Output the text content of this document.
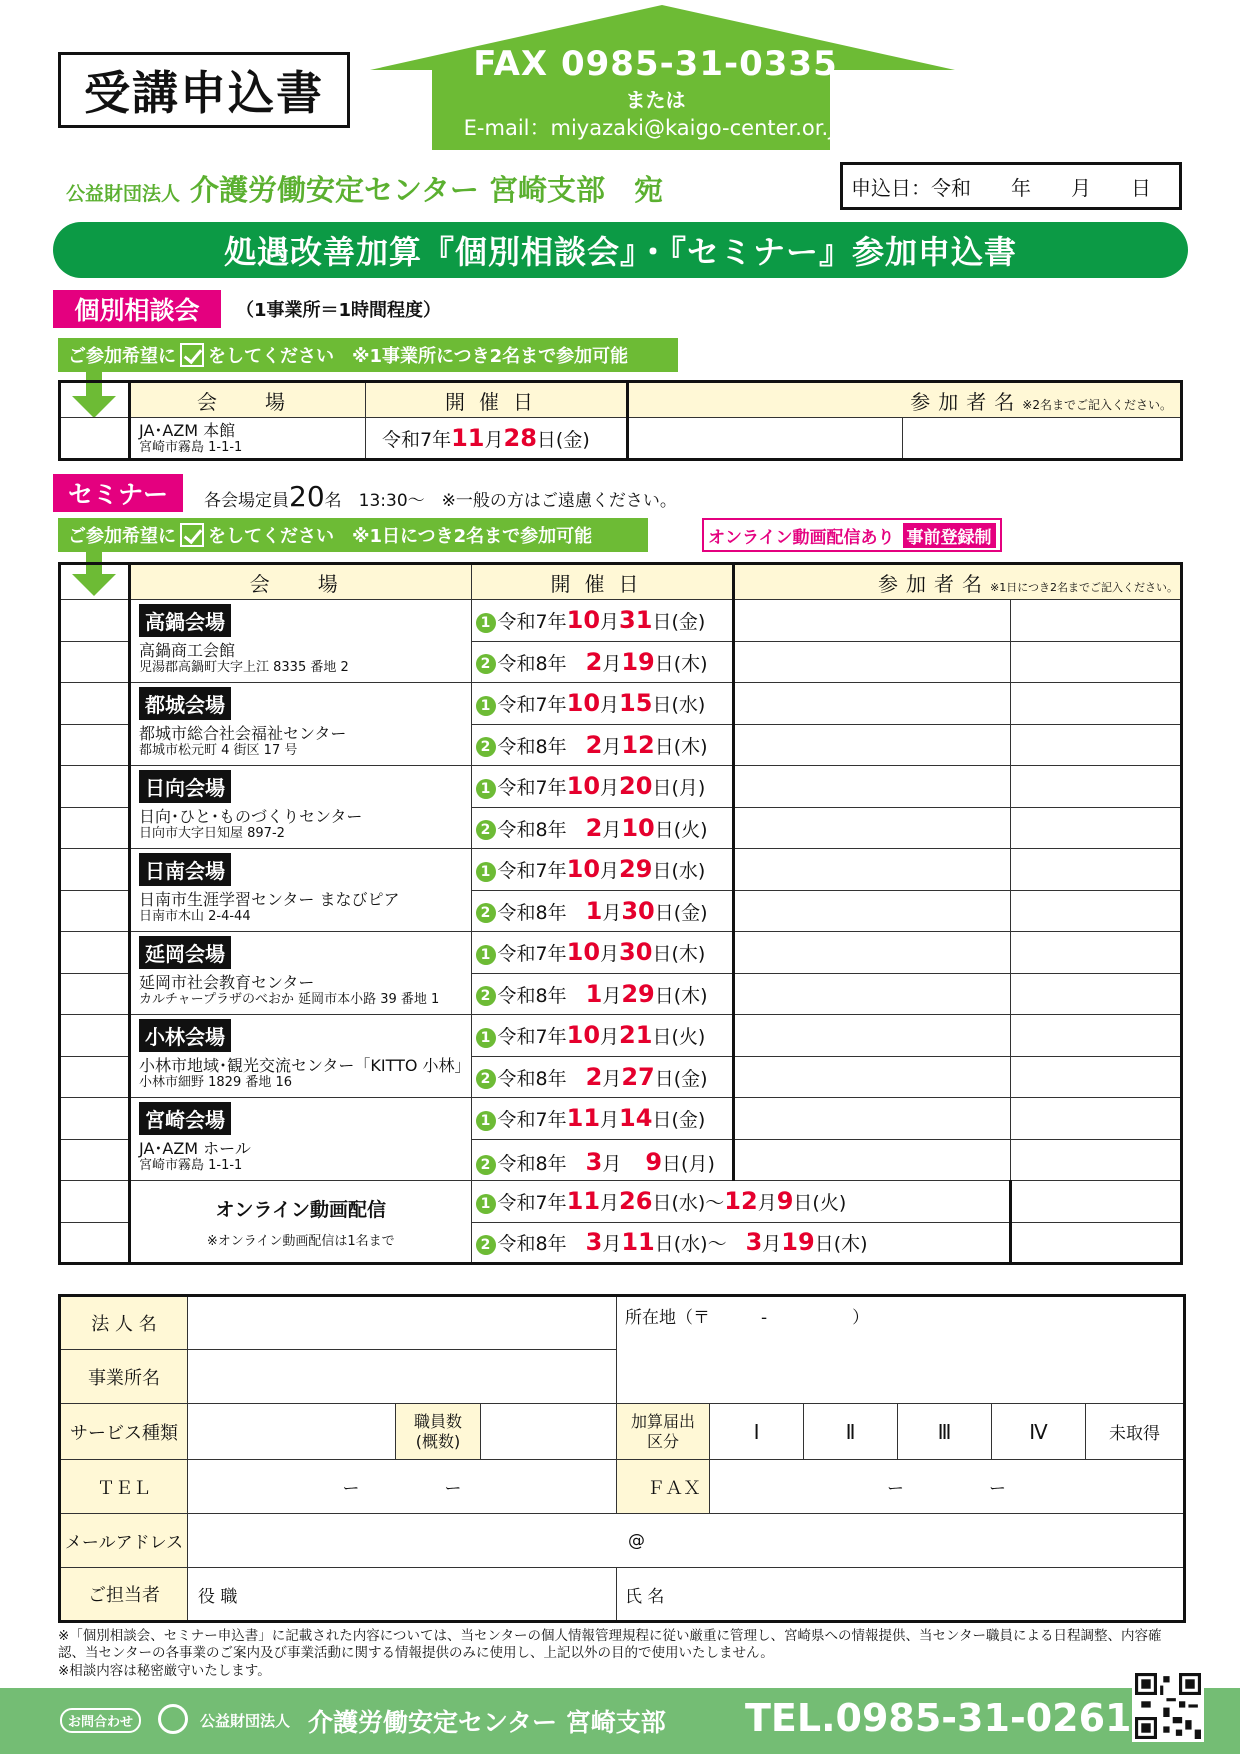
受講申込書
FAX 0985-31-0335
または
E-mail：miyazaki@kaigo-center.or.jp
公益財団法人 介護労働安定センター 宮崎支部　宛	申込日：令和　　年　　月　　日
処遇改善加算『個別相談会』・『セミナー』参加申込書
個別相談会	（1事業所＝1時間程度）
ご参加希望に をしてください　※1事業所につき2名まで参加可能
	会　場	開催日	参加者名※2名までご記入ください。	

	JA･AZM 本館
宮崎市霧島 1-1-1	令和7年11月28日(金)		
セミナー	各会場定員20名　13:30〜　※一般の方はご遠慮ください。
ご参加希望に をしてください　※1日につき2名まで参加可能	オンライン動画配信あり 事前登録制
	会　場	開催日	参加者名※1日につき2名までご記入ください。	
	高鍋会場
高鍋商工会館
児湯郡高鍋町大字上江 8335 番地 2	1 令和7年10月31日(金)		
		2 令和8年　2月19日(木)		
	都城会場
都城市総合社会福祉センター
都城市松元町 4 街区 17 号	1 令和7年10月15日(水)		
		2 令和8年　2月12日(木)		
	日向会場
日向･ひと･ものづくりセンター
日向市大字日知屋 897-2	1 令和7年10月20日(月)		
		2 令和8年　2月10日(火)		
	日南会場
日南市生涯学習センター まなびピア
日南市木山 2-4-44	1 令和7年10月29日(水)		
		2 令和8年　1月30日(金)		
	延岡会場
延岡市社会教育センター
カルチャープラザのべおか 延岡市本小路 39 番地 1	1 令和7年10月30日(木)		
		2 令和8年　1月29日(木)		
	小林会場
小林市地域･観光交流センター「KITTO 小林」
小林市細野 1829 番地 16	1 令和7年10月21日(火)		
		2 令和8年　2月27日(金)		
	宮崎会場
JA･AZM ホール
宮崎市霧島 1-1-1	1 令和7年11月14日(金)		
		2 令和8年　3月　9日(月)		

	オンライン動画配信
※オンライン動画配信は1名まで	1 令和7年11月26日(水)〜12月9日(火)		
		2 令和8年　3月11日(水)〜　3月19日(木)		
法 人 名				所在地（〒　　　-　　　　　）					
事業所名									
サービス種類		職員数
(概数)		加算届出
区分	Ⅰ	Ⅱ	Ⅲ	Ⅳ	未取得
ＴＥＬ	ー　　　　　ー			ＦＡＸ	ー　　　　　ー				
メールアドレス	@								
ご担当者	役 職			氏 名					
※「個別相談会、セミナー申込書」に記載された内容については、当センターの個人情報管理規程に従い厳重に管理し、宮崎県への情報提供、当センター職員による日程調整、内容確認、当センターの各事業のご案内及び事業活動に関する情報提供のみに使用し、上記以外の目的で使用いたしません。
※相談内容は秘密厳守いたします。
お問合わせ	公益財団法人 介護労働安定センター 宮崎支部 TEL.0985-31-0261
